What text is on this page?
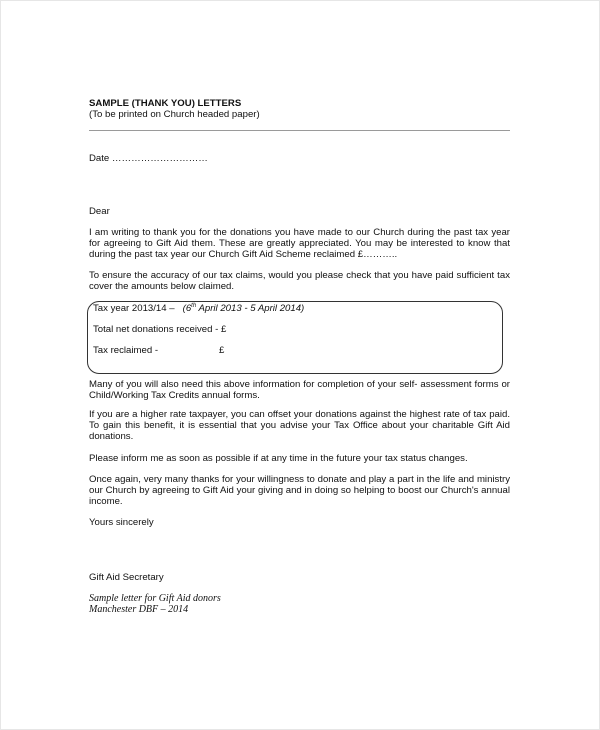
SAMPLE (THANK YOU) LETTERS
(To be printed on Church headed paper)
Date …………………………
Dear
I am writing to thank you for the donations you have made to our Church during the past tax year
for agreeing to Gift Aid them. These are greatly appreciated. You may be interested to know that
during the past tax year our Church Gift Aid Scheme reclaimed £………..
To ensure the accuracy of our tax claims, would you please check that you have paid sufficient tax
cover the amounts below claimed.
Tax year 2013/14 – (6th April 2013 - 5 April 2014)
Total net donations received - £
Tax reclaimed -	£
Many of you will also need this above information for completion of your self- assessment forms or
Child/Working Tax Credits annual forms.
If you are a higher rate taxpayer, you can offset your donations against the highest rate of tax paid.
To gain this benefit, it is essential that you advise your Tax Office about your charitable Gift Aid
donations.
Please inform me as soon as possible if at any time in the future your tax status changes.
Once again, very many thanks for your willingness to donate and play a part in the life and ministry
our Church by agreeing to Gift Aid your giving and in doing so helping to boost our Church's annual
income.
Yours sincerely
Gift Aid Secretary
Sample letter for Gift Aid donors
Manchester DBF – 2014
